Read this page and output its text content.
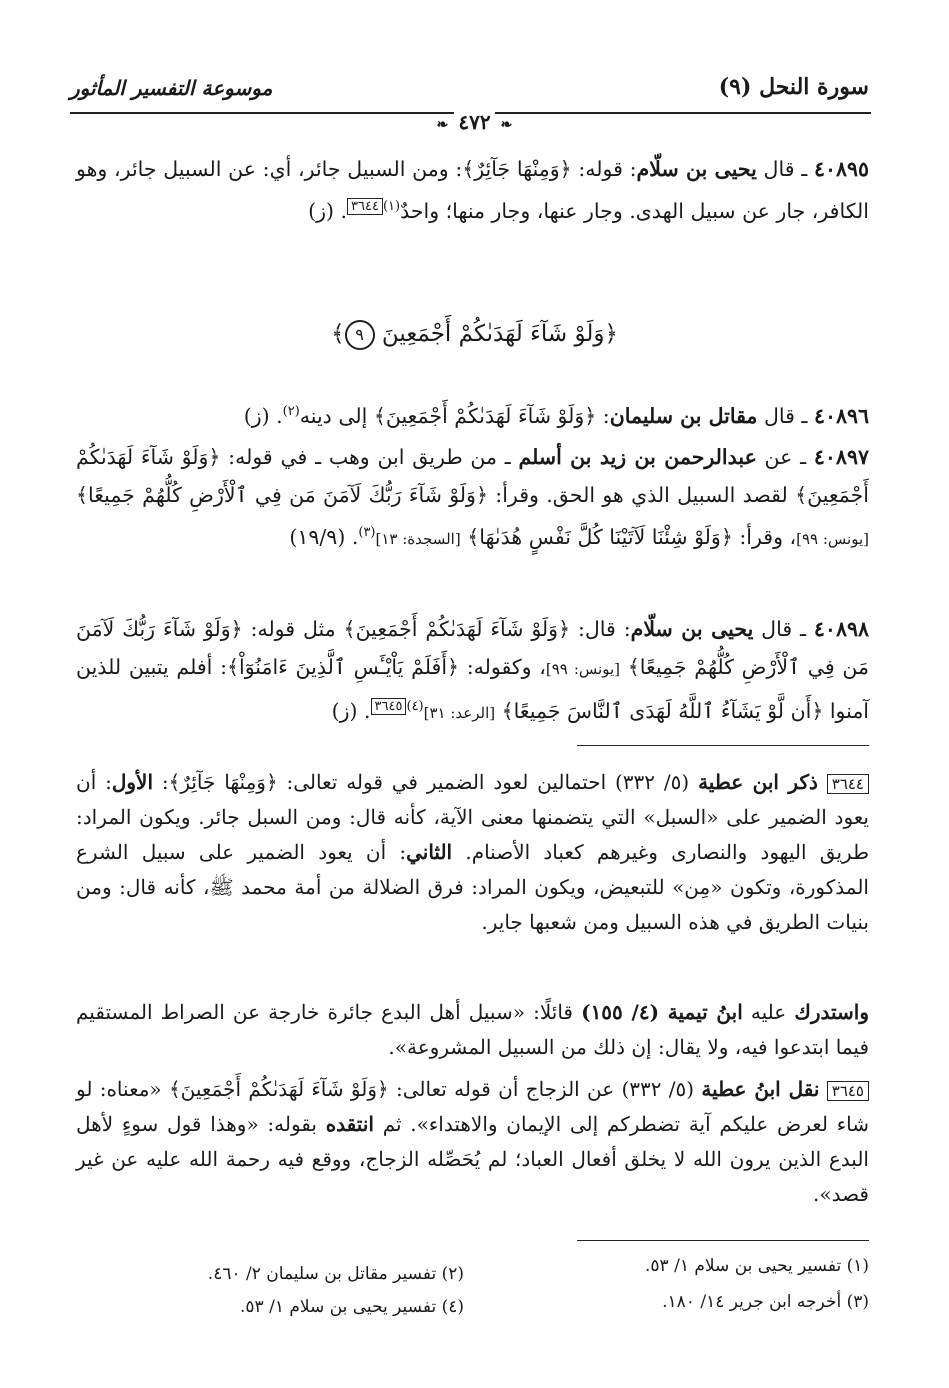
سورة النحل (٩)
موسوعة التفسير المأثور
❧٤٧٢❧
٤٠٨٩٥ ـ قال يحيى بن سلّام: قوله: ﴿وَمِنْهَا جَآئِرٌ﴾: ومن السبيل جائر، أي: عن السبيل جائر، وهو الكافر، جار عن سبيل الهدى. وجار عنها، وجار منها؛ واحدٌ$^{(١)}$٣٦٤٤. (ز)
﴿وَلَوْ شَآءَ لَهَدَىٰكُمْ أَجْمَعِينَ ٩﴾
٤٠٨٩٦ ـ قال مقاتل بن سليمان: ﴿وَلَوْ شَآءَ لَهَدَىٰكُمْ أَجْمَعِينَ﴾ إلى دينه$^{(٢)}$. (ز)
٤٠٨٩٧ ـ عن عبدالرحمن بن زيد بن أسلم ـ من طريق ابن وهب ـ في قوله: ﴿وَلَوْ شَآءَ لَهَدَىٰكُمْ أَجْمَعِينَ﴾ لقصد السبيل الذي هو الحق. وقرأ: ﴿وَلَوْ شَآءَ رَبُّكَ لَآمَنَ مَن فِي ٱلْأَرْضِ كُلُّهُمْ جَمِيعًا﴾ [يونس: ٩٩]، وقرأ: ﴿وَلَوْ شِئْنَا لَآتَيْنَا كُلَّ نَفْسٍ هُدَىٰهَا﴾ [السجدة: ١٣]$^{(٣)}$. (١٩/٩)
٤٠٨٩٨ ـ قال يحيى بن سلّام: قال: ﴿وَلَوْ شَآءَ لَهَدَىٰكُمْ أَجْمَعِينَ﴾ مثل قوله: ﴿وَلَوْ شَآءَ رَبُّكَ لَآمَنَ مَن فِي ٱلْأَرْضِ كُلُّهُمْ جَمِيعًا﴾ [يونس: ٩٩]، وكقوله: ﴿أَفَلَمْ يَاْيْـَٔسِ ٱلَّذِينَ ءَامَنُوٓاْ﴾: أفلم يتبين للذين آمنوا ﴿أَن لَّوْ يَشَآءُ ٱللَّهُ لَهَدَى ٱلنَّاسَ جَمِيعًا﴾ [الرعد: ٣١]$^{(٤)}$٣٦٤٥. (ز)
٣٦٤٤ ذكر ابن عطية (٥/ ٣٣٢) احتمالين لعود الضمير في قوله تعالى: ﴿وَمِنْهَا جَآئِرٌ﴾: الأول: أن يعود الضمير على «السبل» التي يتضمنها معنى الآية، كأنه قال: ومن السبل جائر. ويكون المراد: طريق اليهود والنصارى وغيرهم كعباد الأصنام. الثاني: أن يعود الضمير على سبيل الشرع المذكورة، وتكون «مِن» للتبعيض، ويكون المراد: فرق الضلالة من أمة محمد ﷺ، كأنه قال: ومن بنيات الطريق في هذه السبيل ومن شعبها جاير.
واستدرك عليه ابنُ تيمية (٤/ ١٥٥) قائلًا: «سبيل أهل البدع جائرة خارجة عن الصراط المستقيم فيما ابتدعوا فيه، ولا يقال: إن ذلك من السبيل المشروعة».
٣٦٤٥ نقل ابنُ عطية (٥/ ٣٣٢) عن الزجاج أن قوله تعالى: ﴿وَلَوْ شَآءَ لَهَدَىٰكُمْ أَجْمَعِينَ﴾ «معناه: لو شاء لعرض عليكم آية تضطركم إلى الإيمان والاهتداء». ثم انتقده بقوله: «وهذا قول سوءٍ لأهل البدع الذين يرون الله لا يخلق أفعال العباد؛ لم يُحَصِّله الزجاج، ووقع فيه رحمة الله عليه عن غير قصد».
(١) تفسير يحيى بن سلام ١/ ٥٣.
(٢) تفسير مقاتل بن سليمان ٢/ ٤٦٠.
(٣) أخرجه ابن جرير ١٤/ ١٨٠.
(٤) تفسير يحيى بن سلام ١/ ٥٣.
